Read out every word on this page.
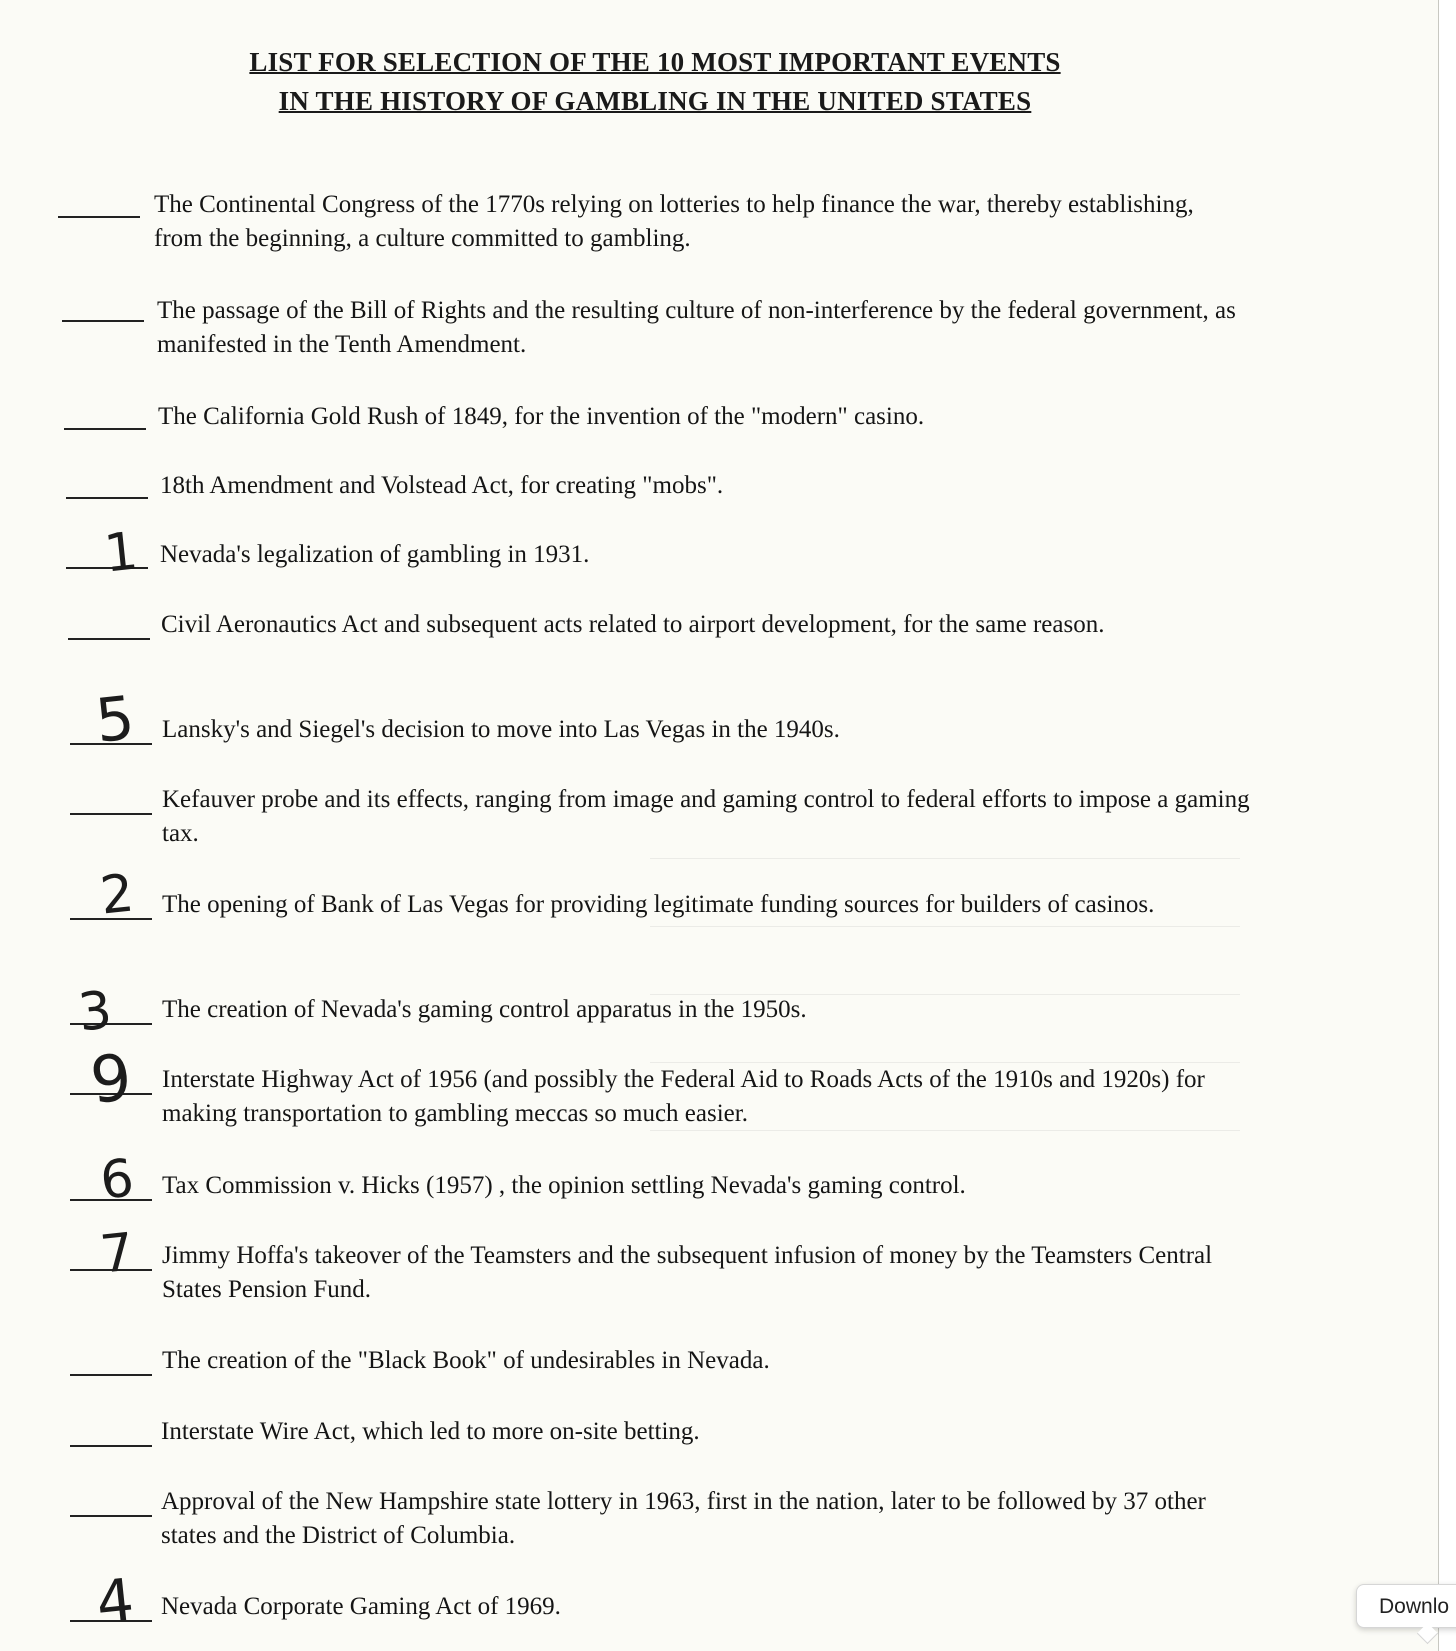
LIST FOR SELECTION OF THE 10 MOST IMPORTANT EVENTS
IN THE HISTORY OF GAMBLING IN THE UNITED STATES
The Continental Congress of the 1770s relying on lotteries to help finance the war, thereby establishing, from the beginning, a culture committed to gambling.
The passage of the Bill of Rights and the resulting culture of non-interference by the federal government, as manifested in the Tenth Amendment.
The California Gold Rush of 1849, for the invention of the "modern" casino.
18th Amendment and Volstead Act, for creating "mobs".
1 Nevada's legalization of gambling in 1931.
Civil Aeronautics Act and subsequent acts related to airport development, for the same reason.
5 Lansky's and Siegel's decision to move into Las Vegas in the 1940s.
Kefauver probe and its effects, ranging from image and gaming control to federal efforts to impose a gaming tax.
2	The opening of Bank of Las Vegas for providing legitimate funding sources for builders of casinos.
3	The creation of Nevada's gaming control apparatus in the 1950s.
9	Interstate Highway Act of 1956 (and possibly the Federal Aid to Roads Acts of the 1910s and 1920s) for making transportation to gambling meccas so much easier.
6	Tax Commission v. Hicks (1957) , the opinion settling Nevada's gaming control.
7	Jimmy Hoffa's takeover of the Teamsters and the subsequent infusion of money by the Teamsters Central States Pension Fund.
The creation of the "Black Book" of undesirables in Nevada.
Interstate Wire Act, which led to more on-site betting.
Approval of the New Hampshire state lottery in 1963, first in the nation, later to be followed by 37 other states and the District of Columbia.
4 Nevada Corporate Gaming Act of 1969.	Downlo
